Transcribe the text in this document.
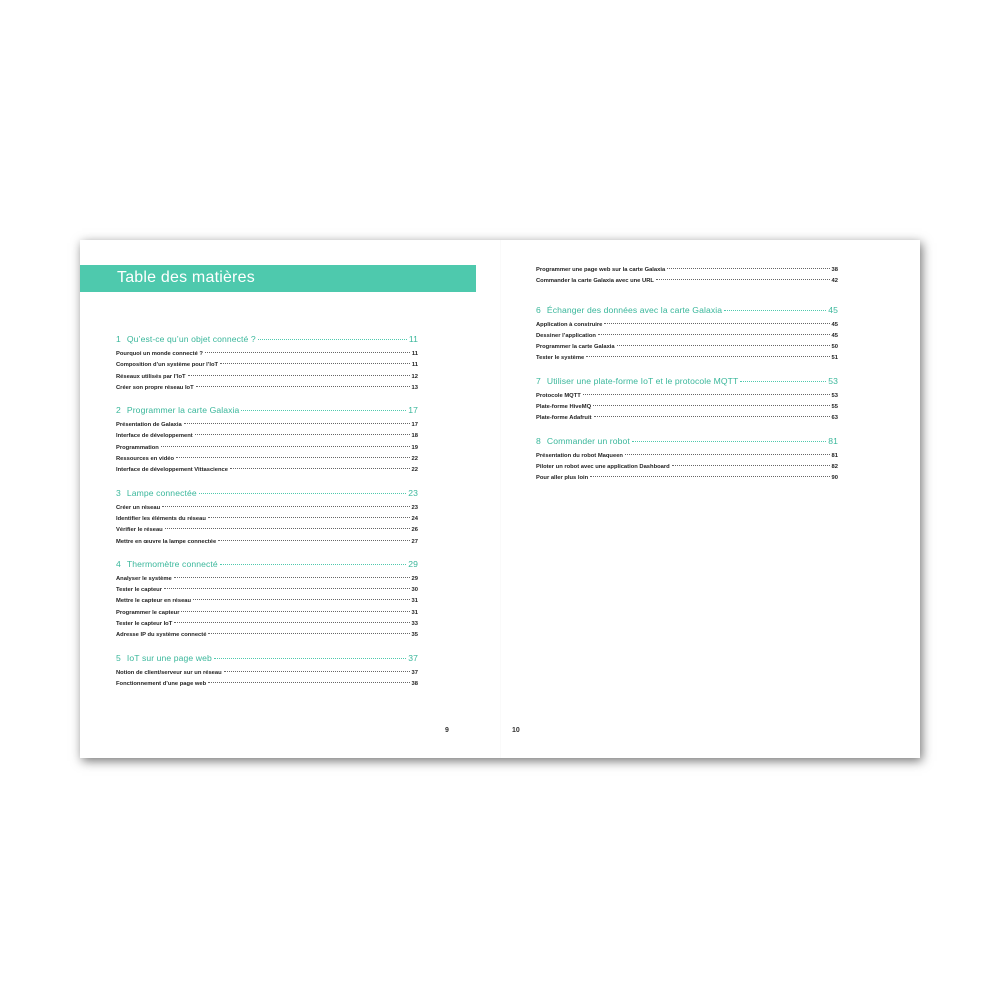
Table des matières
1 Qu’est-ce qu’un objet connecté ?	11
Pourquoi un monde connecté ?	11
Composition d’un système pour l’IoT	11
Réseaux utilisés par l’IoT	12
Créer son propre réseau IoT	13
2 Programmer la carte Galaxia	17
Présentation de Galaxia	17
Interface de développement	18
Programmation	19
Ressources en vidéo	22
Interface de développement Vittascience	22
3 Lampe connectée	23
Créer un réseau	23
Identifier les éléments du réseau	24
Vérifier le réseau	26
Mettre en œuvre la lampe connectée	27
4 Thermomètre connecté	29
Analyser le système	29
Tester le capteur	30
Mettre le capteur en réseau	31
Programmer le capteur	31
Tester le capteur IoT	33
Adresse IP du système connecté	35
5 IoT sur une page web	37
Notion de client/serveur sur un réseau	37
Fonctionnement d’une page web	38
Programmer une page web sur la carte Galaxia	38
Commander la carte Galaxia avec une URL	42
6 Échanger des données avec la carte Galaxia	45
Application à construire	45
Dessiner l’application	45
Programmer la carte Galaxia	50
Tester le système	51
7 Utiliser une plate-forme IoT et le protocole MQTT	53
Protocole MQTT	53
Plate-forme HiveMQ	55
Plate-forme Adafruit	63
8 Commander un robot	81
Présentation du robot Maqueen	81
Piloter un robot avec une application Dashboard	82
Pour aller plus loin	90
9	10
